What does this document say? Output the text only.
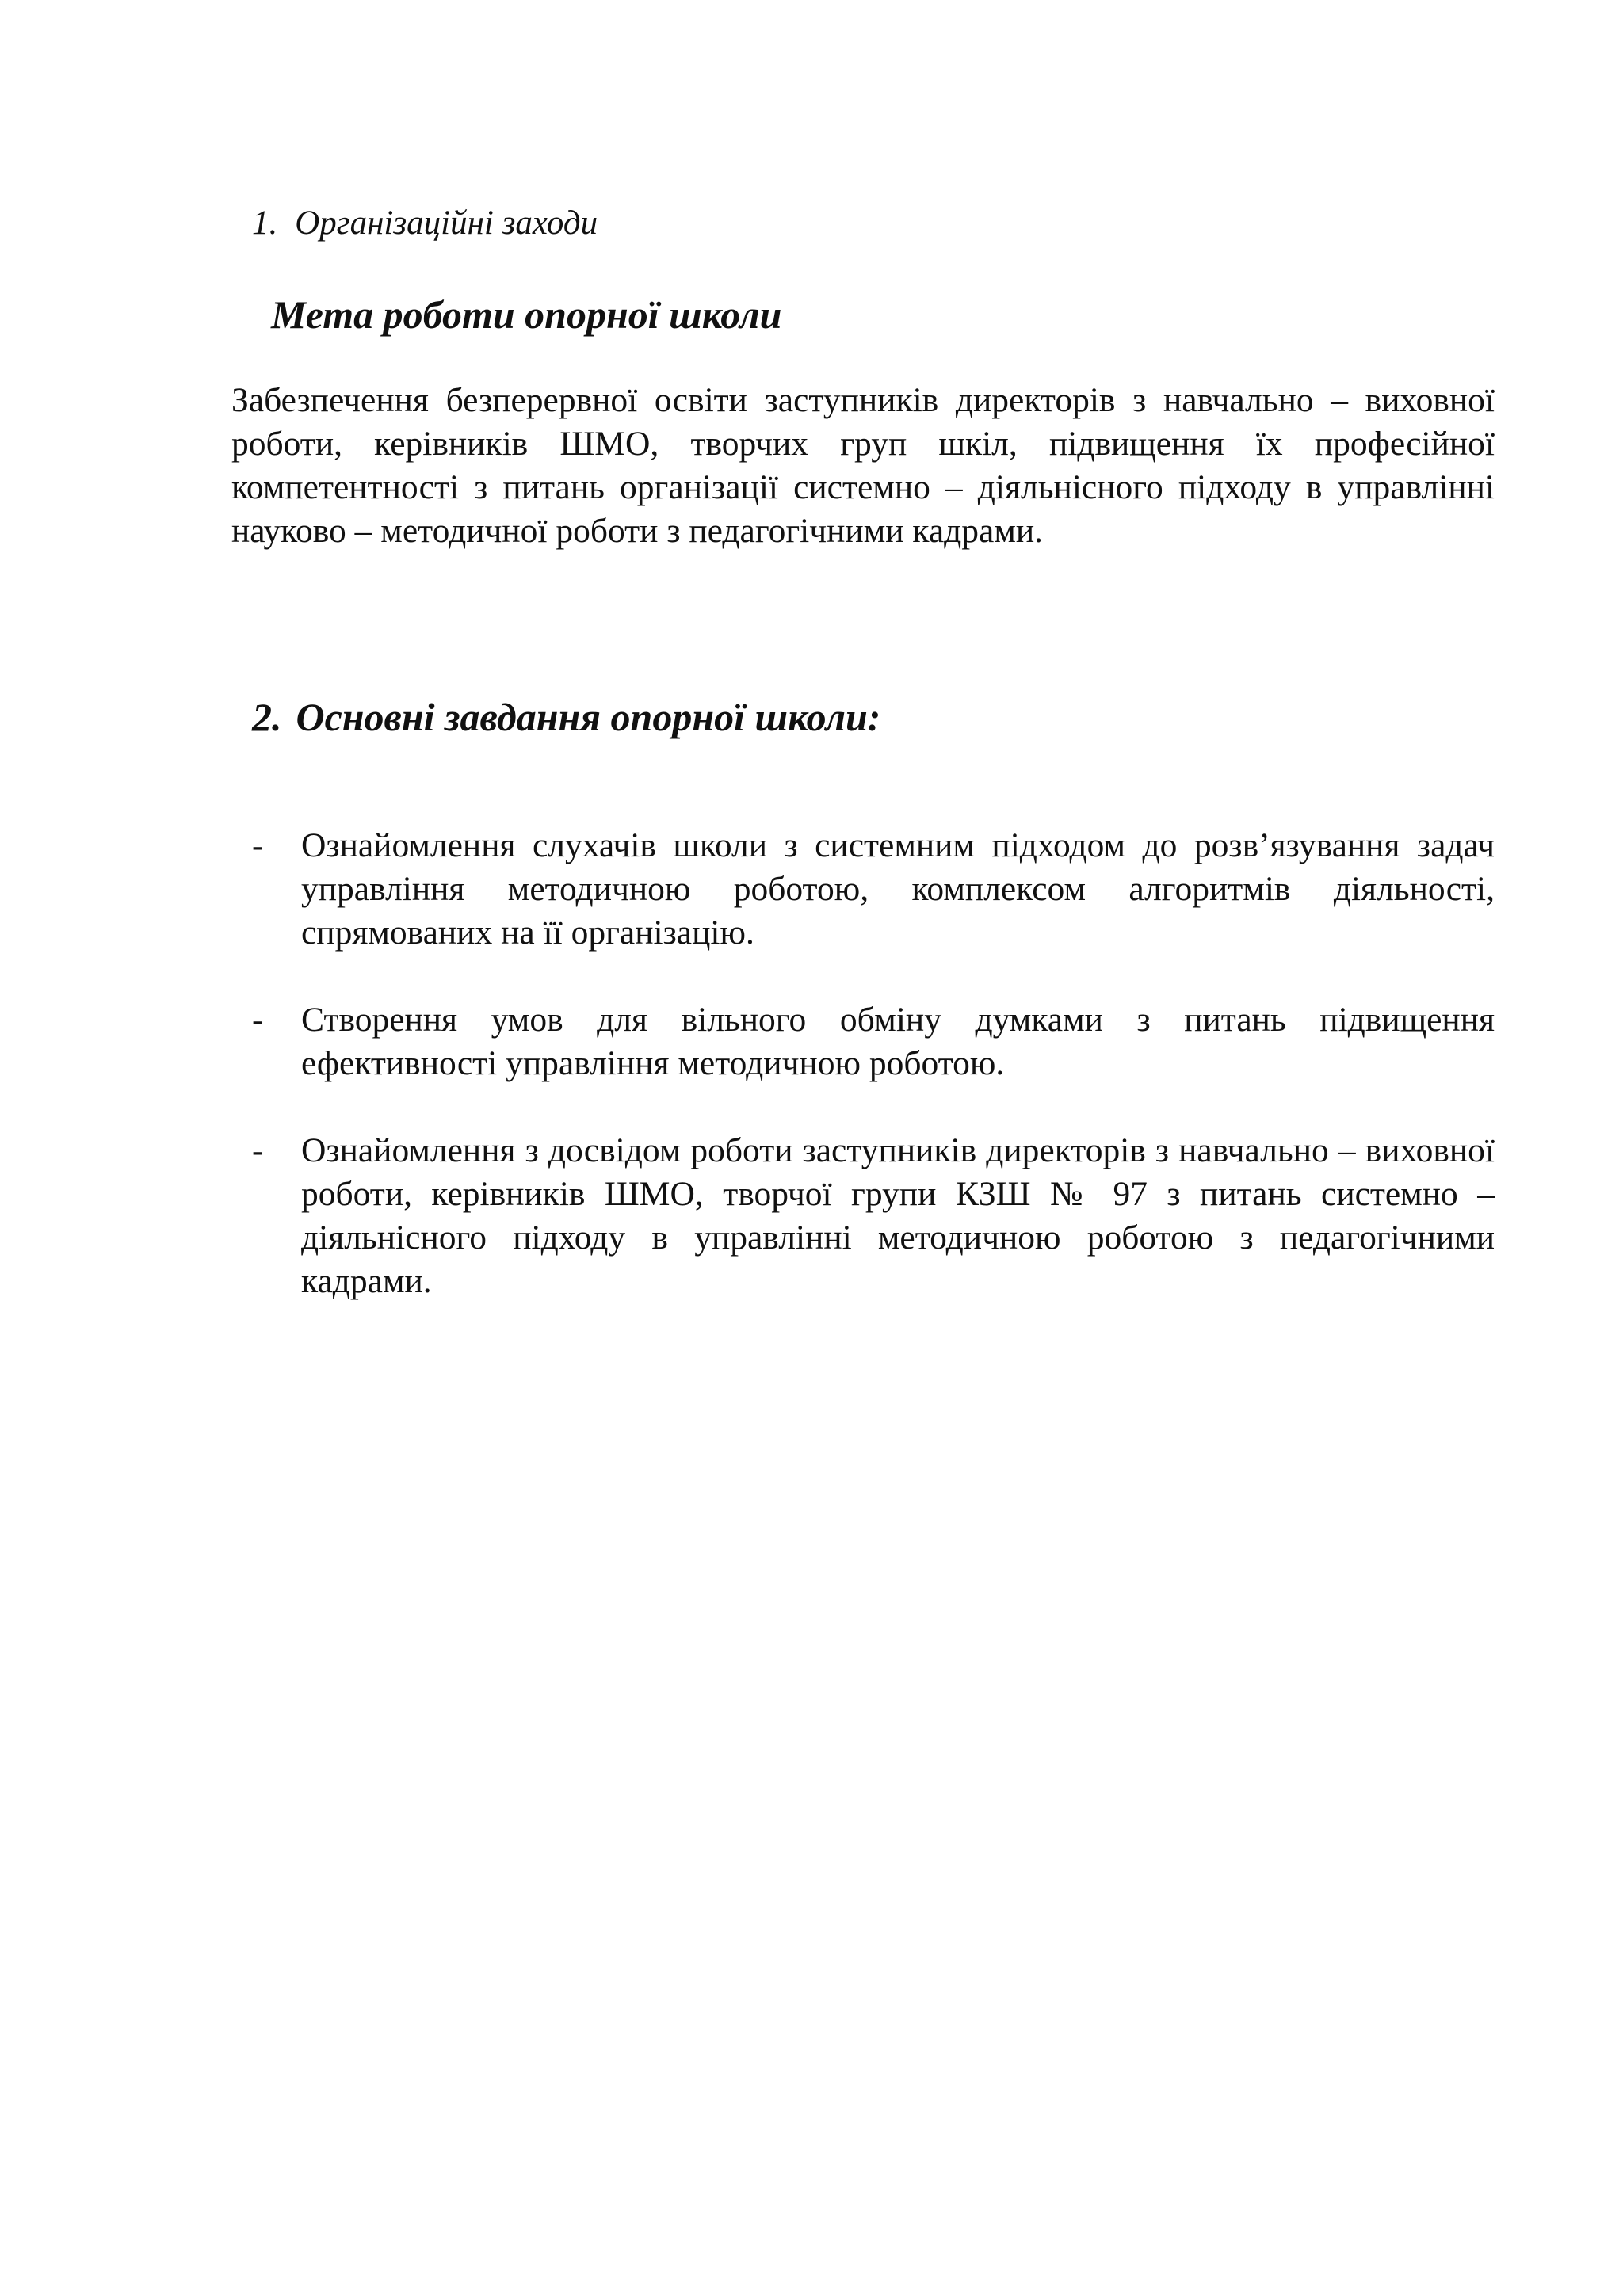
1. Організаційні заходи
Мета роботи опорної школи

Забезпечення безперервної освіти заступників директорів з навчально – виховної роботи, керівників ШМО, творчих груп шкіл, підвищення їх професійної компетентності з питань організації системно – діяльнісного підходу в управлінні науково – методичної роботи з педагогічними кадрами.

2. Основні завдання опорної школи:
- Ознайомлення слухачів школи з системним підходом до розв’язування задач управління методичною роботою, комплексом алгоритмів діяльності, спрямованих на її організацію.
- Створення умов для вільного обміну думками з питань підвищення ефективності управління методичною роботою.
- Ознайомлення з досвідом роботи заступників директорів з навчально – виховної роботи, керівників ШМО, творчої групи КЗШ № 97 з питань системно – діяльнісного підходу в управлінні методичною роботою з педагогічними кадрами.
